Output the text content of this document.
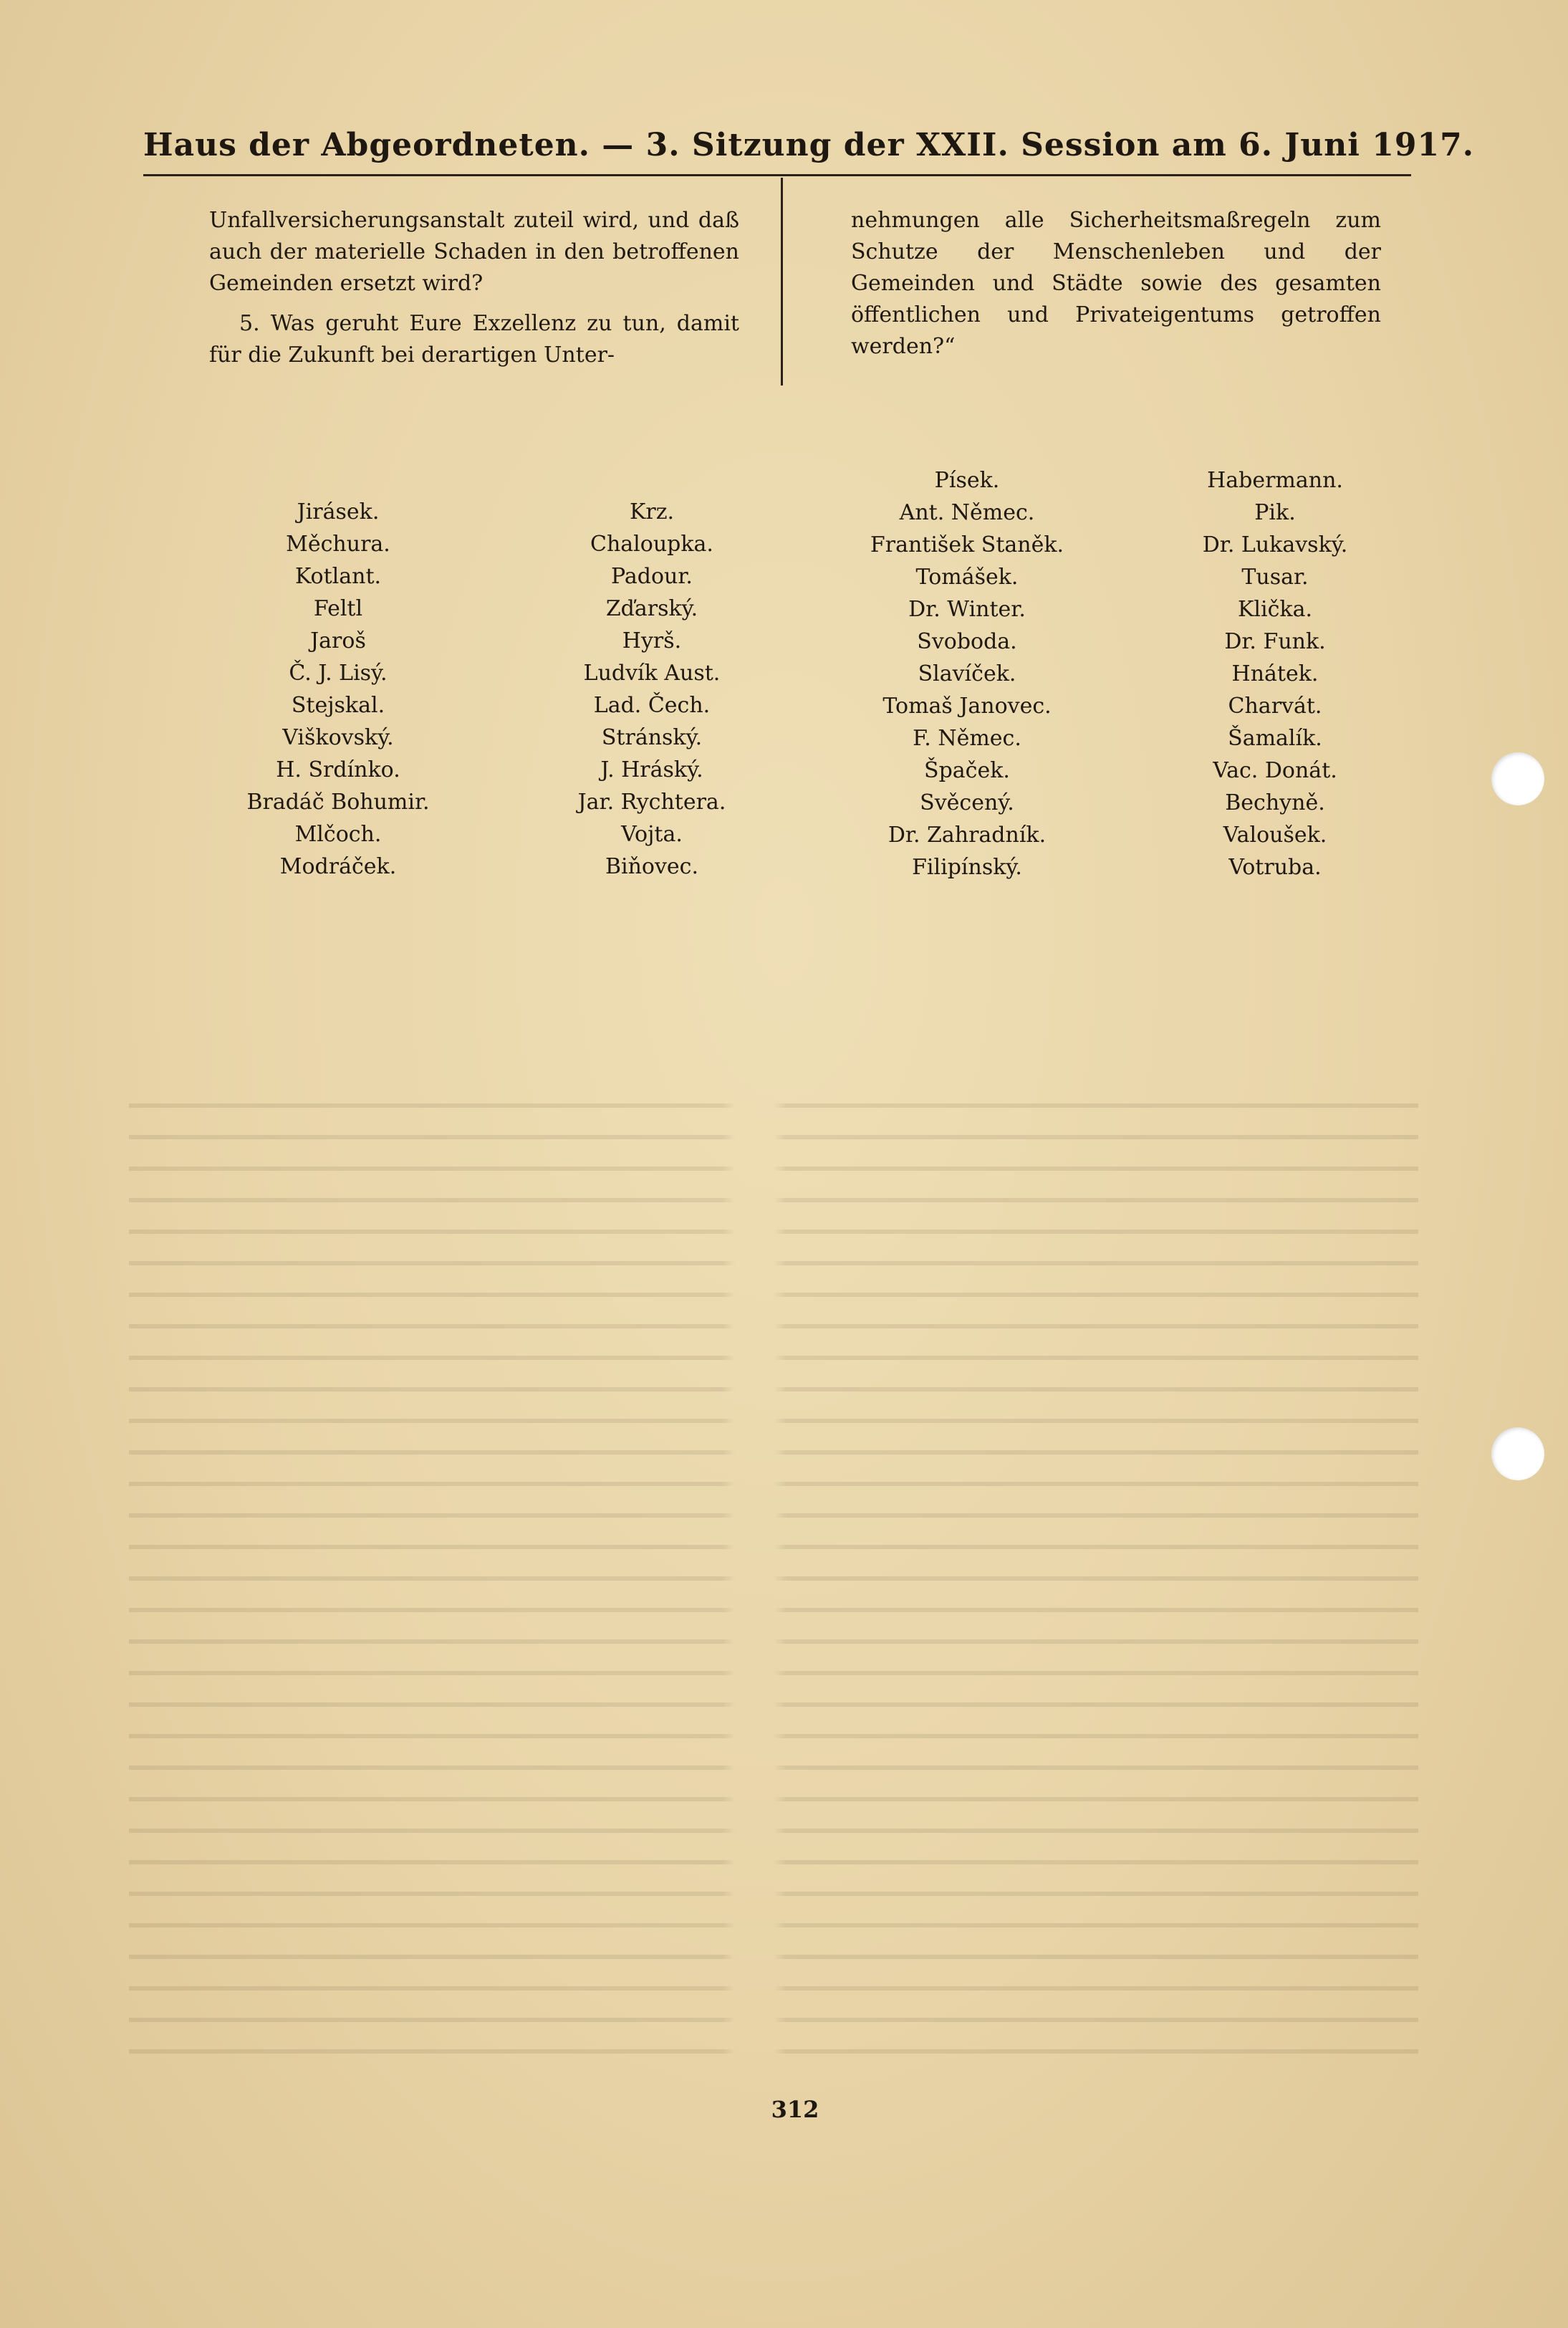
Haus der Abgeordneten. — 3. Sitzung der XXII. Session am 6. Juni 1917.

Unfallversicherungsanstalt zuteil wird, und daß auch der materielle Schaden in den betroffenen Gemeinden ersetzt wird?

5. Was geruht Eure Exzellenz zu tun, damit für die Zukunft bei derartigen Unter-

nehmungen alle Sicherheitsmaßregeln zum Schutze der Menschenleben und der Gemeinden und Städte sowie des gesamten öffentlichen und Privateigentums getroffen werden?“

Jirásek.
Měchura.
Kotlant.
Feltl
Jaroš
Č. J. Lisý.
Stejskal.
Viškovský.
H. Srdínko.
Bradáč Bohumir.
Mlčoch.
Modráček.
Krz.
Chaloupka.
Padour.
Zďarský.
Hyrš.
Ludvík Aust.
Lad. Čech.
Stránský.
J. Hráský.
Jar. Rychtera.
Vojta.
Biňovec.
Písek.
Ant. Němec.
František Staněk.
Tomášek.
Dr. Winter.
Svoboda.
Slavíček.
Tomaš Janovec.
F. Němec.
Špaček.
Svěcený.
Dr. Zahradník.
Filipínský.
Habermann.
Pik.
Dr. Lukavský.
Tusar.
Klička.
Dr. Funk.
Hnátek.
Charvát.
Šamalík.
Vac. Donát.
Bechyně.
Valoušek.
Votruba.
312
